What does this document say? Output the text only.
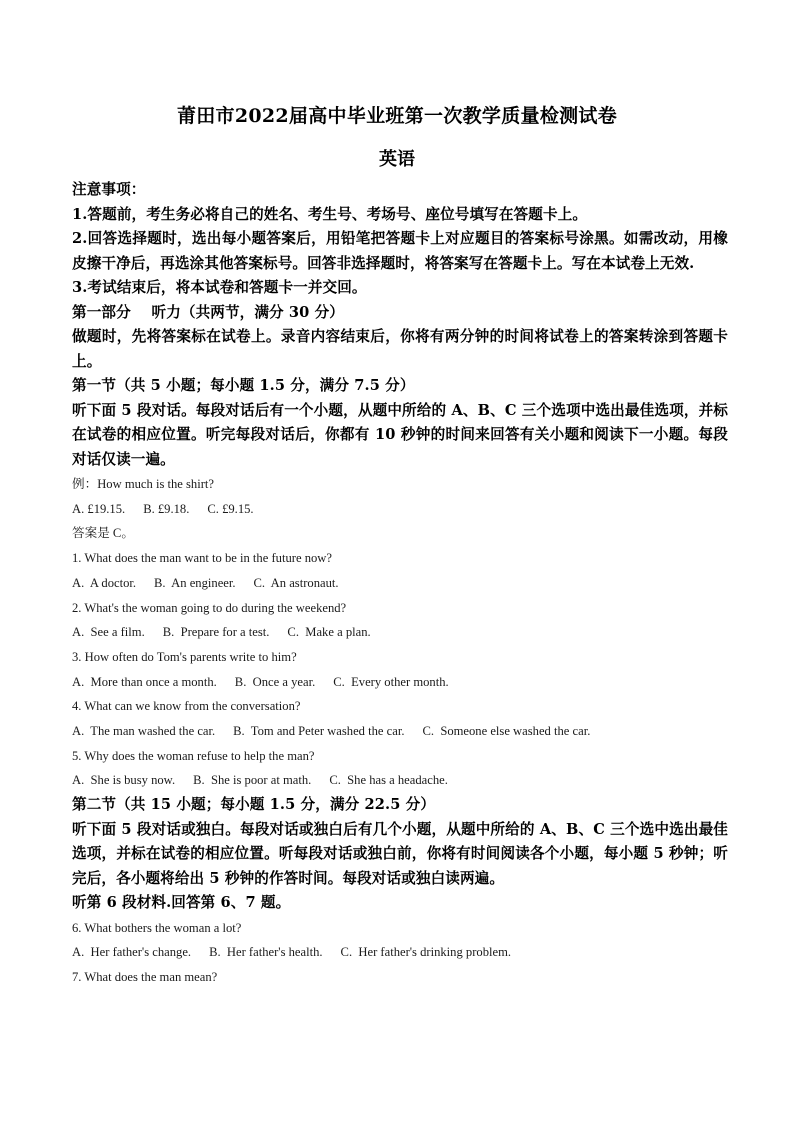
莆田市2022届高中毕业班第一次教学质量检测试卷
英语

注意事项：

1.答题前，考生务必将自己的姓名、考生号、考场号、座位号填写在答题卡上。

2.回答选择题时，选出每小题答案后，用铅笔把答题卡上对应题目的答案标号涂黑。如需改动，用橡皮擦干净后，再选涂其他答案标号。回答非选择题时，将答案写在答题卡上。写在本试卷上无效.

3.考试结束后，将本试卷和答题卡一并交回。

第一部分    听力（共两节，满分 30 分）

做题时，先将答案标在试卷上。录音内容结束后，你将有两分钟的时间将试卷上的答案转涂到答题卡上。

第一节（共 5 小题；每小题 1.5 分，满分 7.5 分）

听下面 5 段对话。每段对话后有一个小题，从题中所给的 A、B、C 三个选项中选出最佳选项，并标在试卷的相应位置。听完每段对话后，你都有 10 秒钟的时间来回答有关小题和阅读下一小题。每段对话仅读一遍。

例：How much is the shirt?

A. £19.15. B. £9.18. C. £9.15.

答案是 C。

1. What does the man want to be in the future now?

A.  A doctor. B.  An engineer. C.  An astronaut.

2. What's the woman going to do during the weekend?

A.  See a film. B.  Prepare for a test. C.  Make a plan.

3. How often do Tom's parents write to him?

A.  More than once a month. B.  Once a year. C.  Every other month.

4. What can we know from the conversation?

A.  The man washed the car. B.  Tom and Peter washed the car. C.  Someone else washed the car.

5. Why does the woman refuse to help the man?

A.  She is busy now. B.  She is poor at math. C.  She has a headache.

第二节（共 15 小题；每小题 1.5 分，满分 22.5 分）

听下面 5 段对话或独白。每段对话或独白后有几个小题，从题中所给的 A、B、C 三个选中选出最佳选项，并标在试卷的相应位置。听每段对话或独白前，你将有时间阅读各个小题，每小题 5 秒钟；听完后，各小题将给出 5 秒钟的作答时间。每段对话或独白读两遍。

听第 6 段材料.回答第 6、7 题。

6. What bothers the woman a lot?

A.  Her father's change. B.  Her father's health. C.  Her father's drinking problem.

7. What does the man mean?
